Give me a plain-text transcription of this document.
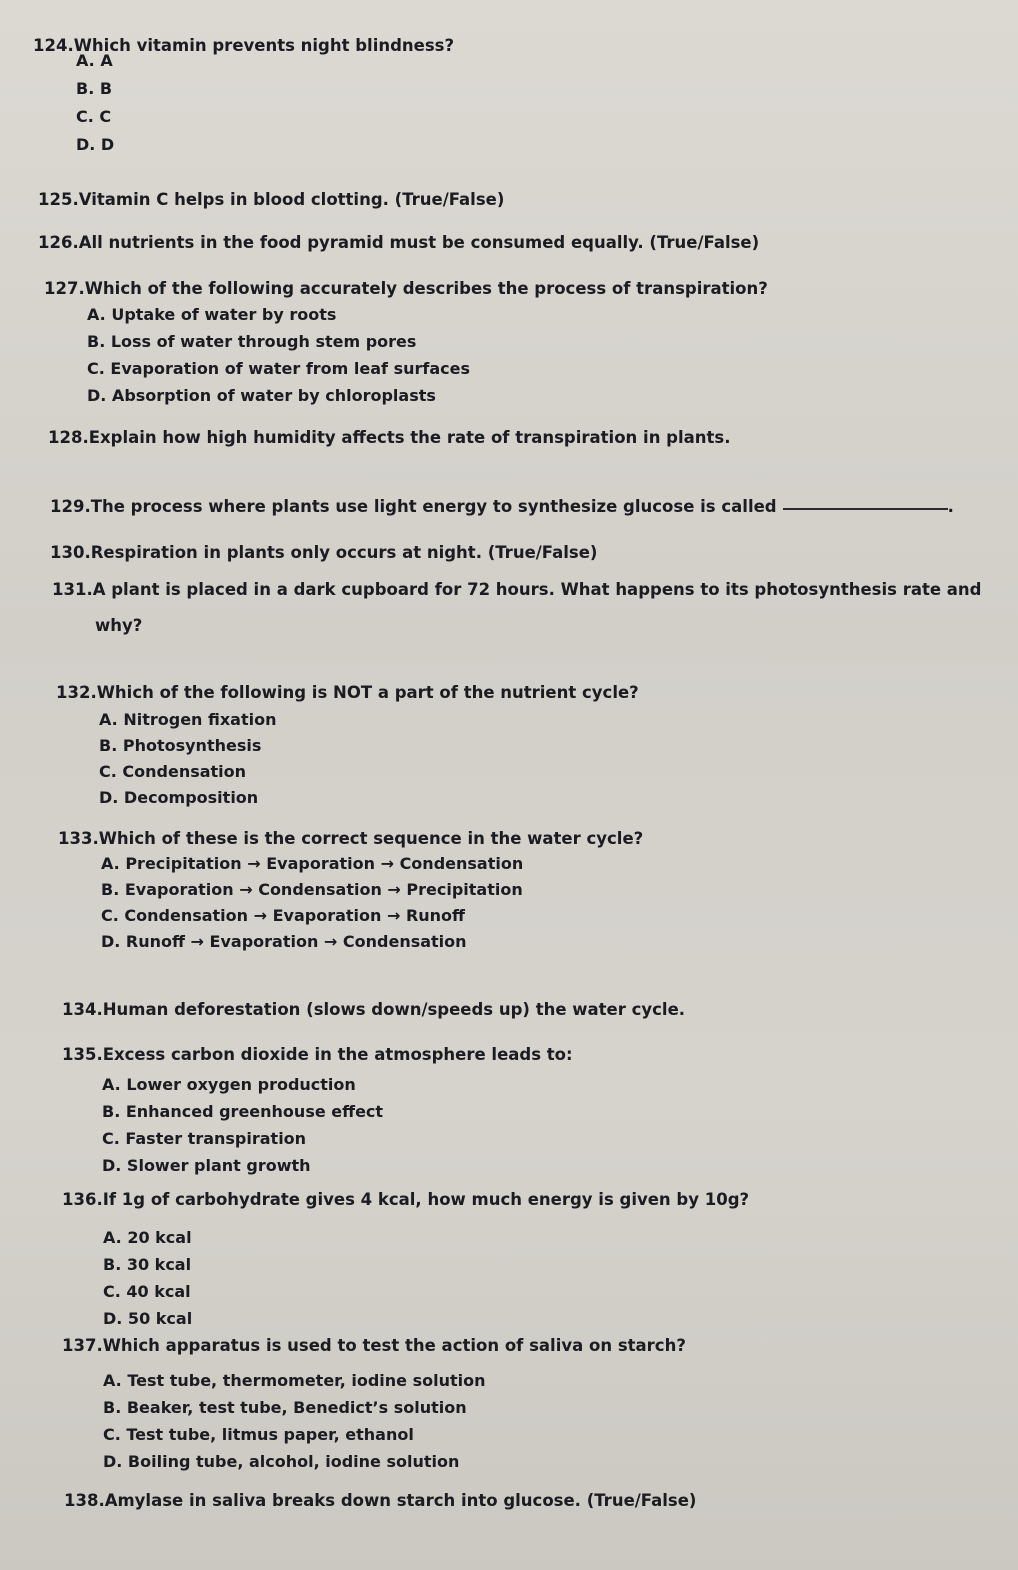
124.Which vitamin prevents night blindness?
A. A
B. B
C. C
D. D
125.Vitamin C helps in blood clotting. (True/False)
126.All nutrients in the food pyramid must be consumed equally. (True/False)
127.Which of the following accurately describes the process of transpiration?
A. Uptake of water by roots
B. Loss of water through stem pores
C. Evaporation of water from leaf surfaces
D. Absorption of water by chloroplasts
128.Explain how high humidity affects the rate of transpiration in plants.
129.The process where plants use light energy to synthesize glucose is called	.
130.Respiration in plants only occurs at night. (True/False)
131.A plant is placed in a dark cupboard for 72 hours. What happens to its photosynthesis rate and
why?
132.Which of the following is NOT a part of the nutrient cycle?
A. Nitrogen fixation
B. Photosynthesis
C. Condensation
D. Decomposition
133.Which of these is the correct sequence in the water cycle?
A. Precipitation → Evaporation → Condensation
B. Evaporation → Condensation → Precipitation
C. Condensation → Evaporation → Runoff
D. Runoff → Evaporation → Condensation
134.Human deforestation (slows down/speeds up) the water cycle.
135.Excess carbon dioxide in the atmosphere leads to:
A. Lower oxygen production
B. Enhanced greenhouse effect
C. Faster transpiration
D. Slower plant growth
136.If 1g of carbohydrate gives 4 kcal, how much energy is given by 10g?
A. 20 kcal
B. 30 kcal
C. 40 kcal
D. 50 kcal
137.Which apparatus is used to test the action of saliva on starch?
A. Test tube, thermometer, iodine solution
B. Beaker, test tube, Benedict’s solution
C. Test tube, litmus paper, ethanol
D. Boiling tube, alcohol, iodine solution
138.Amylase in saliva breaks down starch into glucose. (True/False)
